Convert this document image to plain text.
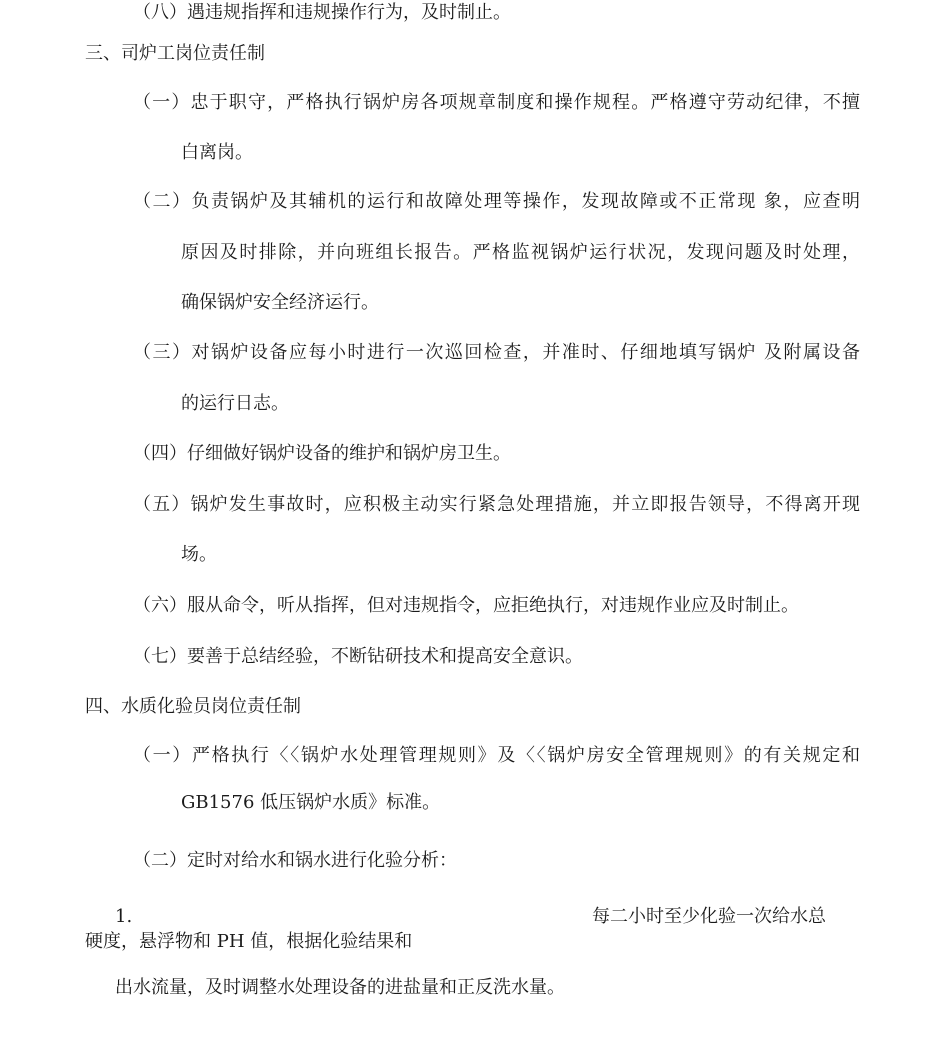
（八）遇违规指挥和违规操作行为，及时制止。
三、司炉工岗位责任制
（一）忠于职守，严格执行锅炉房各项规章制度和操作规程。严格遵守劳动纪律，不擅
白离岗。
（二）负责锅炉及其辅机的运行和故障处理等操作，发现故障或不正常现 象，应查明
原因及时排除，并向班组长报告。严格监视锅炉运行状况，发现问题及时处理，
确保锅炉安全经济运行。
（三）对锅炉设备应每小时进行一次巡回检查，并准时、仔细地填写锅炉 及附属设备
的运行日志。
（四）仔细做好锅炉设备的维护和锅炉房卫生。
（五）锅炉发生事故时，应积极主动实行紧急处理措施，并立即报告领导，不得离开现
场。
（六）服从命令，听从指挥，但对违规指令，应拒绝执行，对违规作业应及时制止。
（七）要善于总结经验，不断钻研技术和提高安全意识。
四、水质化验员岗位责任制
（一）严格执行〈〈锅炉水处理管理规则》及〈〈锅炉房安全管理规则》的有关规定和
GB1576 低压锅炉水质》标准。
（二）定时对给水和锅水进行化验分析：
1.	每二小时至少化验一次给水总
硬度，悬浮物和 PH 值，根据化验结果和
出水流量，及时调整水处理设备的进盐量和正反洗水量。
